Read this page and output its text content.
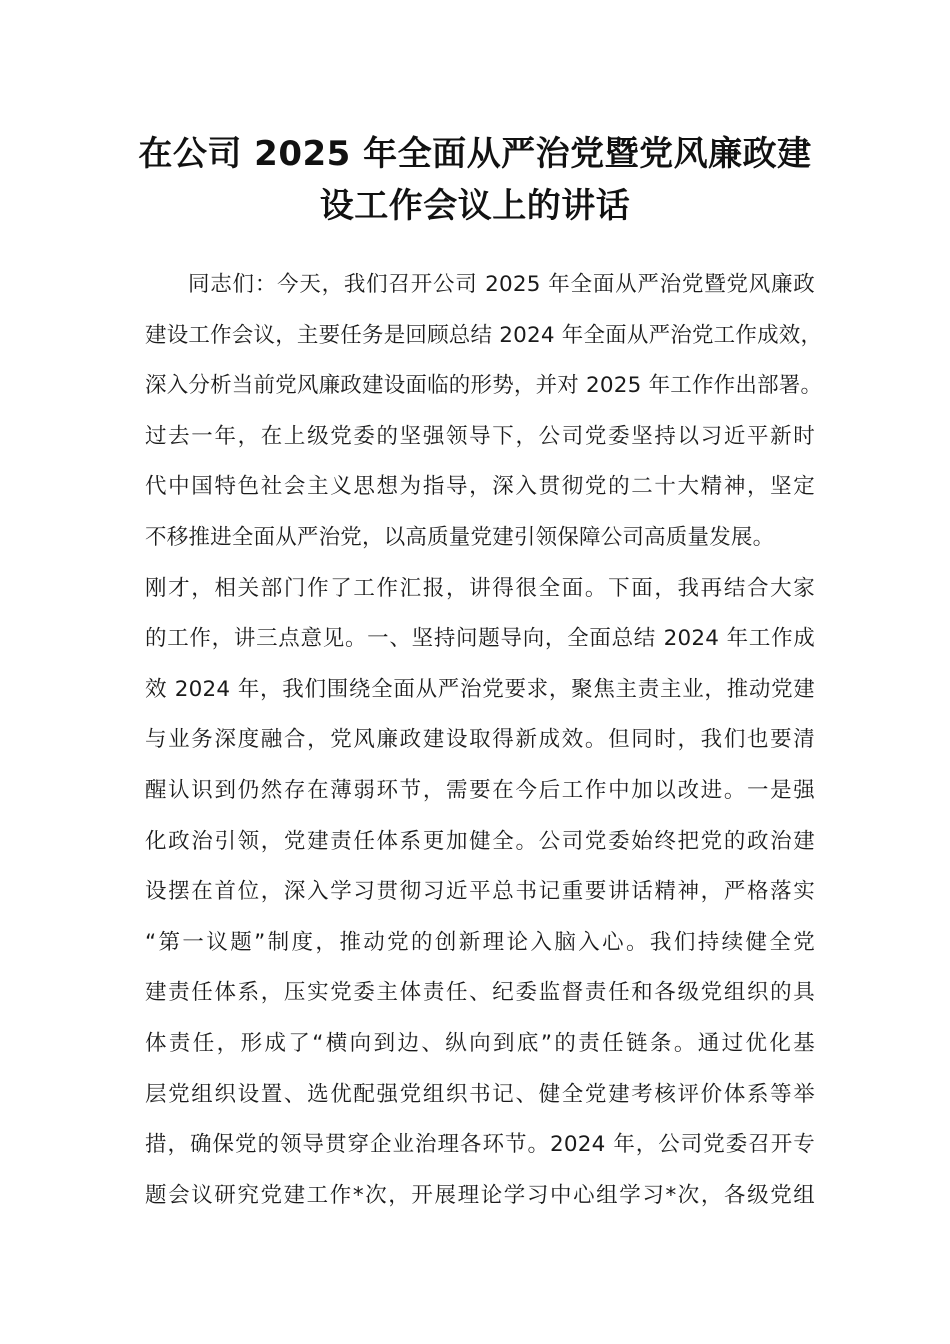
在公司 2025 年全面从严治党暨党风廉政建
设工作会议上的讲话
同志们：今天，我们召开公司 2025 年全面从严治党暨党风廉政
建设工作会议，主要任务是回顾总结 2024 年全面从严治党工作成效，
深入分析当前党风廉政建设面临的形势，并对 2025 年工作作出部署。
过去一年，在上级党委的坚强领导下，公司党委坚持以习近平新时
代中国特色社会主义思想为指导，深入贯彻党的二十大精神，坚定
不移推进全面从严治党，以高质量党建引领保障公司高质量发展。
刚才，相关部门作了工作汇报，讲得很全面。下面，我再结合大家
的工作，讲三点意见。一、坚持问题导向，全面总结 2024 年工作成
效 2024 年，我们围绕全面从严治党要求，聚焦主责主业，推动党建
与业务深度融合，党风廉政建设取得新成效。但同时，我们也要清
醒认识到仍然存在薄弱环节，需要在今后工作中加以改进。一是强
化政治引领，党建责任体系更加健全。公司党委始终把党的政治建
设摆在首位，深入学习贯彻习近平总书记重要讲话精神，严格落实
“第一议题”制度，推动党的创新理论入脑入心。我们持续健全党
建责任体系，压实党委主体责任、纪委监督责任和各级党组织的具
体责任，形成了“横向到边、纵向到底”的责任链条。通过优化基
层党组织设置、选优配强党组织书记、健全党建考核评价体系等举
措，确保党的领导贯穿企业治理各环节。2024 年，公司党委召开专
题会议研究党建工作*次，开展理论学习中心组学习*次，各级党组
